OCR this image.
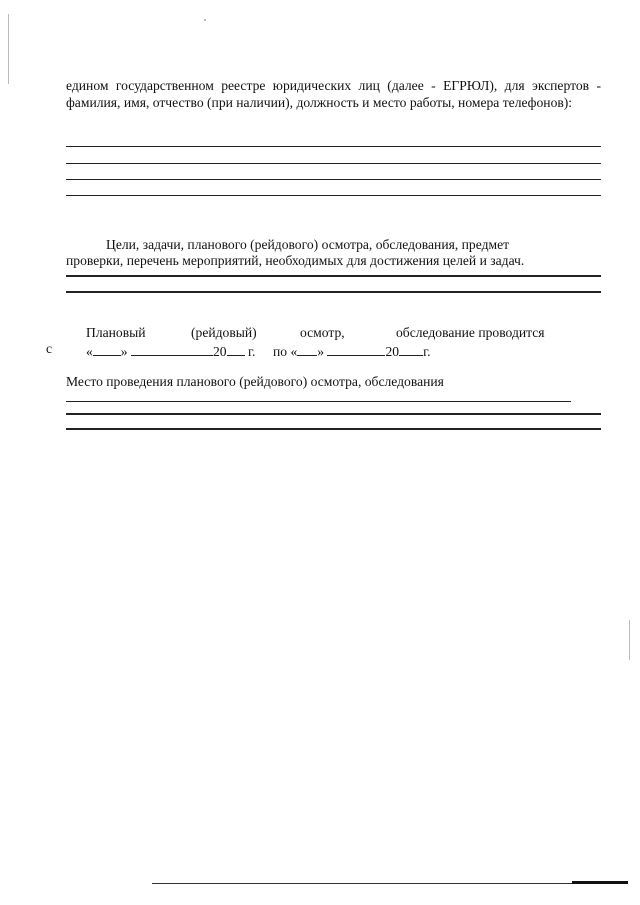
едином государственном реестре юридических лиц (далее - ЕГРЮЛ), для экспертов - фамилия, имя, отчество (при наличии), должность и место работы, номера телефонов):
Цели, задачи, планового (рейдового) осмотра, обследования, предмет
проверки, перечень мероприятий, необходимых для достижения целей и задач.
Плановый	(рейдовый)	осмотр,	обследование проводится
с « »	20 г. по « »	20 г.
Место проведения планового (рейдового) осмотра, обследования
